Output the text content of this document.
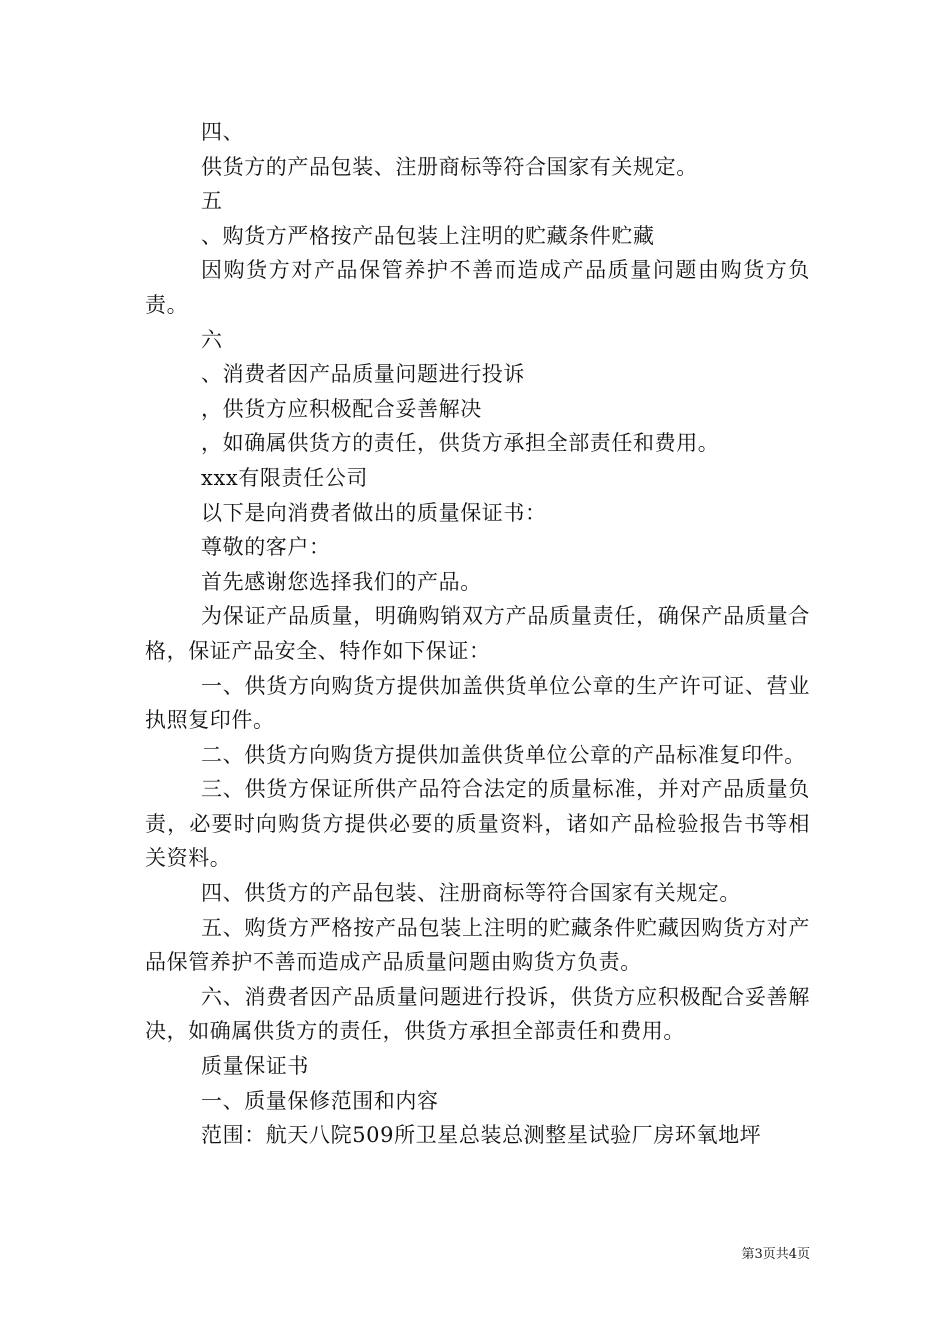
四、

供货方的产品包装、注册商标等符合国家有关规定。

五

、购货方严格按产品包装上注明的贮藏条件贮藏

因购货方对产品保管养护不善而造成产品质量问题由购货方负责。

六

、消费者因产品质量问题进行投诉

，供货方应积极配合妥善解决

，如确属供货方的责任，供货方承担全部责任和费用。

xxx有限责任公司

以下是向消费者做出的质量保证书：

尊敬的客户：

首先感谢您选择我们的产品。

为保证产品质量，明确购销双方产品质量责任，确保产品质量合格，保证产品安全、特作如下保证：

一、供货方向购货方提供加盖供货单位公章的生产许可证、营业执照复印件。

二、供货方向购货方提供加盖供货单位公章的产品标准复印件。

三、供货方保证所供产品符合法定的质量标准，并对产品质量负责，必要时向购货方提供必要的质量资料，诸如产品检验报告书等相关资料。

四、供货方的产品包装、注册商标等符合国家有关规定。

五、购货方严格按产品包装上注明的贮藏条件贮藏因购货方对产品保管养护不善而造成产品质量问题由购货方负责。

六、消费者因产品质量问题进行投诉，供货方应积极配合妥善解决，如确属供货方的责任，供货方承担全部责任和费用。

质量保证书

一、质量保修范围和内容

范围：航天八院509所卫星总装总测整星试验厂房环氧地坪

第3页共4页
